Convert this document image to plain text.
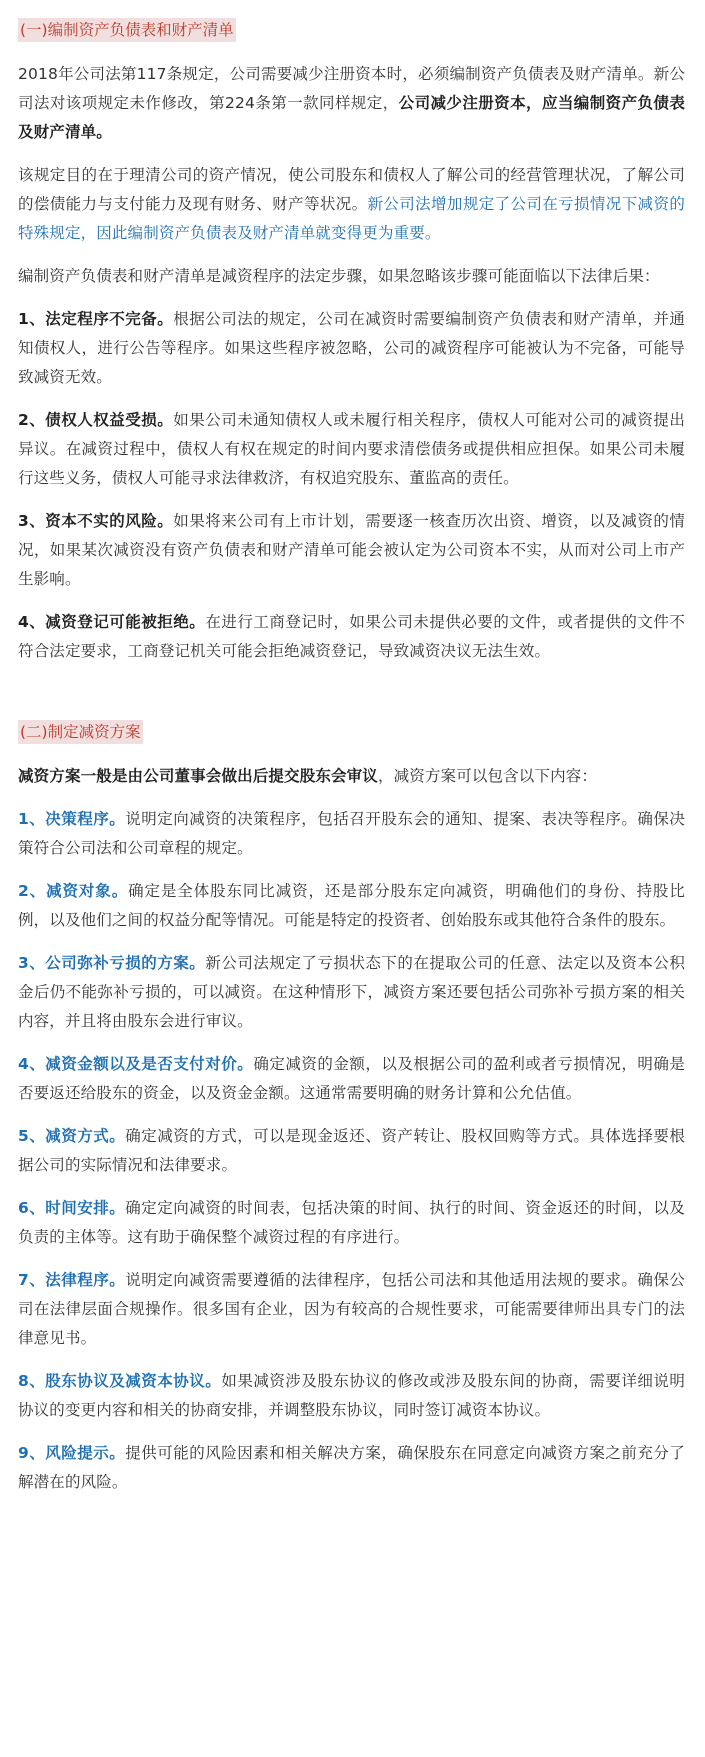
(一)编制资产负债表和财产清单

2018年公司法第117条规定，公司需要减少注册资本时，必须编制资产负债表及财产清单。新公司法对该项规定未作修改，第224条第一款同样规定，公司减少注册资本，应当编制资产负债表及财产清单。

该规定目的在于理清公司的资产情况，使公司股东和债权人了解公司的经营管理状况，了解公司的偿债能力与支付能力及现有财务、财产等状况。新公司法增加规定了公司在亏损情况下减资的特殊规定，因此编制资产负债表及财产清单就变得更为重要。

编制资产负债表和财产清单是减资程序的法定步骤，如果忽略该步骤可能面临以下法律后果：

1、法定程序不完备。根据公司法的规定，公司在减资时需要编制资产负债表和财产清单，并通知债权人，进行公告等程序。如果这些程序被忽略，公司的减资程序可能被认为不完备，可能导致减资无效。

2、债权人权益受损。如果公司未通知债权人或未履行相关程序，债权人可能对公司的减资提出异议。在减资过程中，债权人有权在规定的时间内要求清偿债务或提供相应担保。如果公司未履行这些义务，债权人可能寻求法律救济，有权追究股东、董监高的责任。

3、资本不实的风险。如果将来公司有上市计划，需要逐一核查历次出资、增资，以及减资的情况，如果某次减资没有资产负债表和财产清单可能会被认定为公司资本不实，从而对公司上市产生影响。

4、减资登记可能被拒绝。在进行工商登记时，如果公司未提供必要的文件，或者提供的文件不符合法定要求，工商登记机关可能会拒绝减资登记，导致减资决议无法生效。

(二)制定减资方案

减资方案一般是由公司董事会做出后提交股东会审议，减资方案可以包含以下内容：

1、决策程序。说明定向减资的决策程序，包括召开股东会的通知、提案、表决等程序。确保决策符合公司法和公司章程的规定。

2、减资对象。确定是全体股东同比减资，还是部分股东定向减资，明确他们的身份、持股比例，以及他们之间的权益分配等情况。可能是特定的投资者、创始股东或其他符合条件的股东。

3、公司弥补亏损的方案。新公司法规定了亏损状态下的在提取公司的任意、法定以及资本公积金后仍不能弥补亏损的，可以减资。在这种情形下，减资方案还要包括公司弥补亏损方案的相关内容，并且将由股东会进行审议。

4、减资金额以及是否支付对价。确定减资的金额，以及根据公司的盈利或者亏损情况，明确是否要返还给股东的资金，以及资金金额。这通常需要明确的财务计算和公允估值。

5、减资方式。确定减资的方式，可以是现金返还、资产转让、股权回购等方式。具体选择要根据公司的实际情况和法律要求。

6、时间安排。确定定向减资的时间表，包括决策的时间、执行的时间、资金返还的时间，以及负责的主体等。这有助于确保整个减资过程的有序进行。

7、法律程序。说明定向减资需要遵循的法律程序，包括公司法和其他适用法规的要求。确保公司在法律层面合规操作。很多国有企业，因为有较高的合规性要求，可能需要律师出具专门的法律意见书。

8、股东协议及减资本协议。如果减资涉及股东协议的修改或涉及股东间的协商，需要详细说明协议的变更内容和相关的协商安排，并调整股东协议，同时签订减资本协议。

9、风险提示。提供可能的风险因素和相关解决方案，确保股东在同意定向减资方案之前充分了解潜在的风险。
